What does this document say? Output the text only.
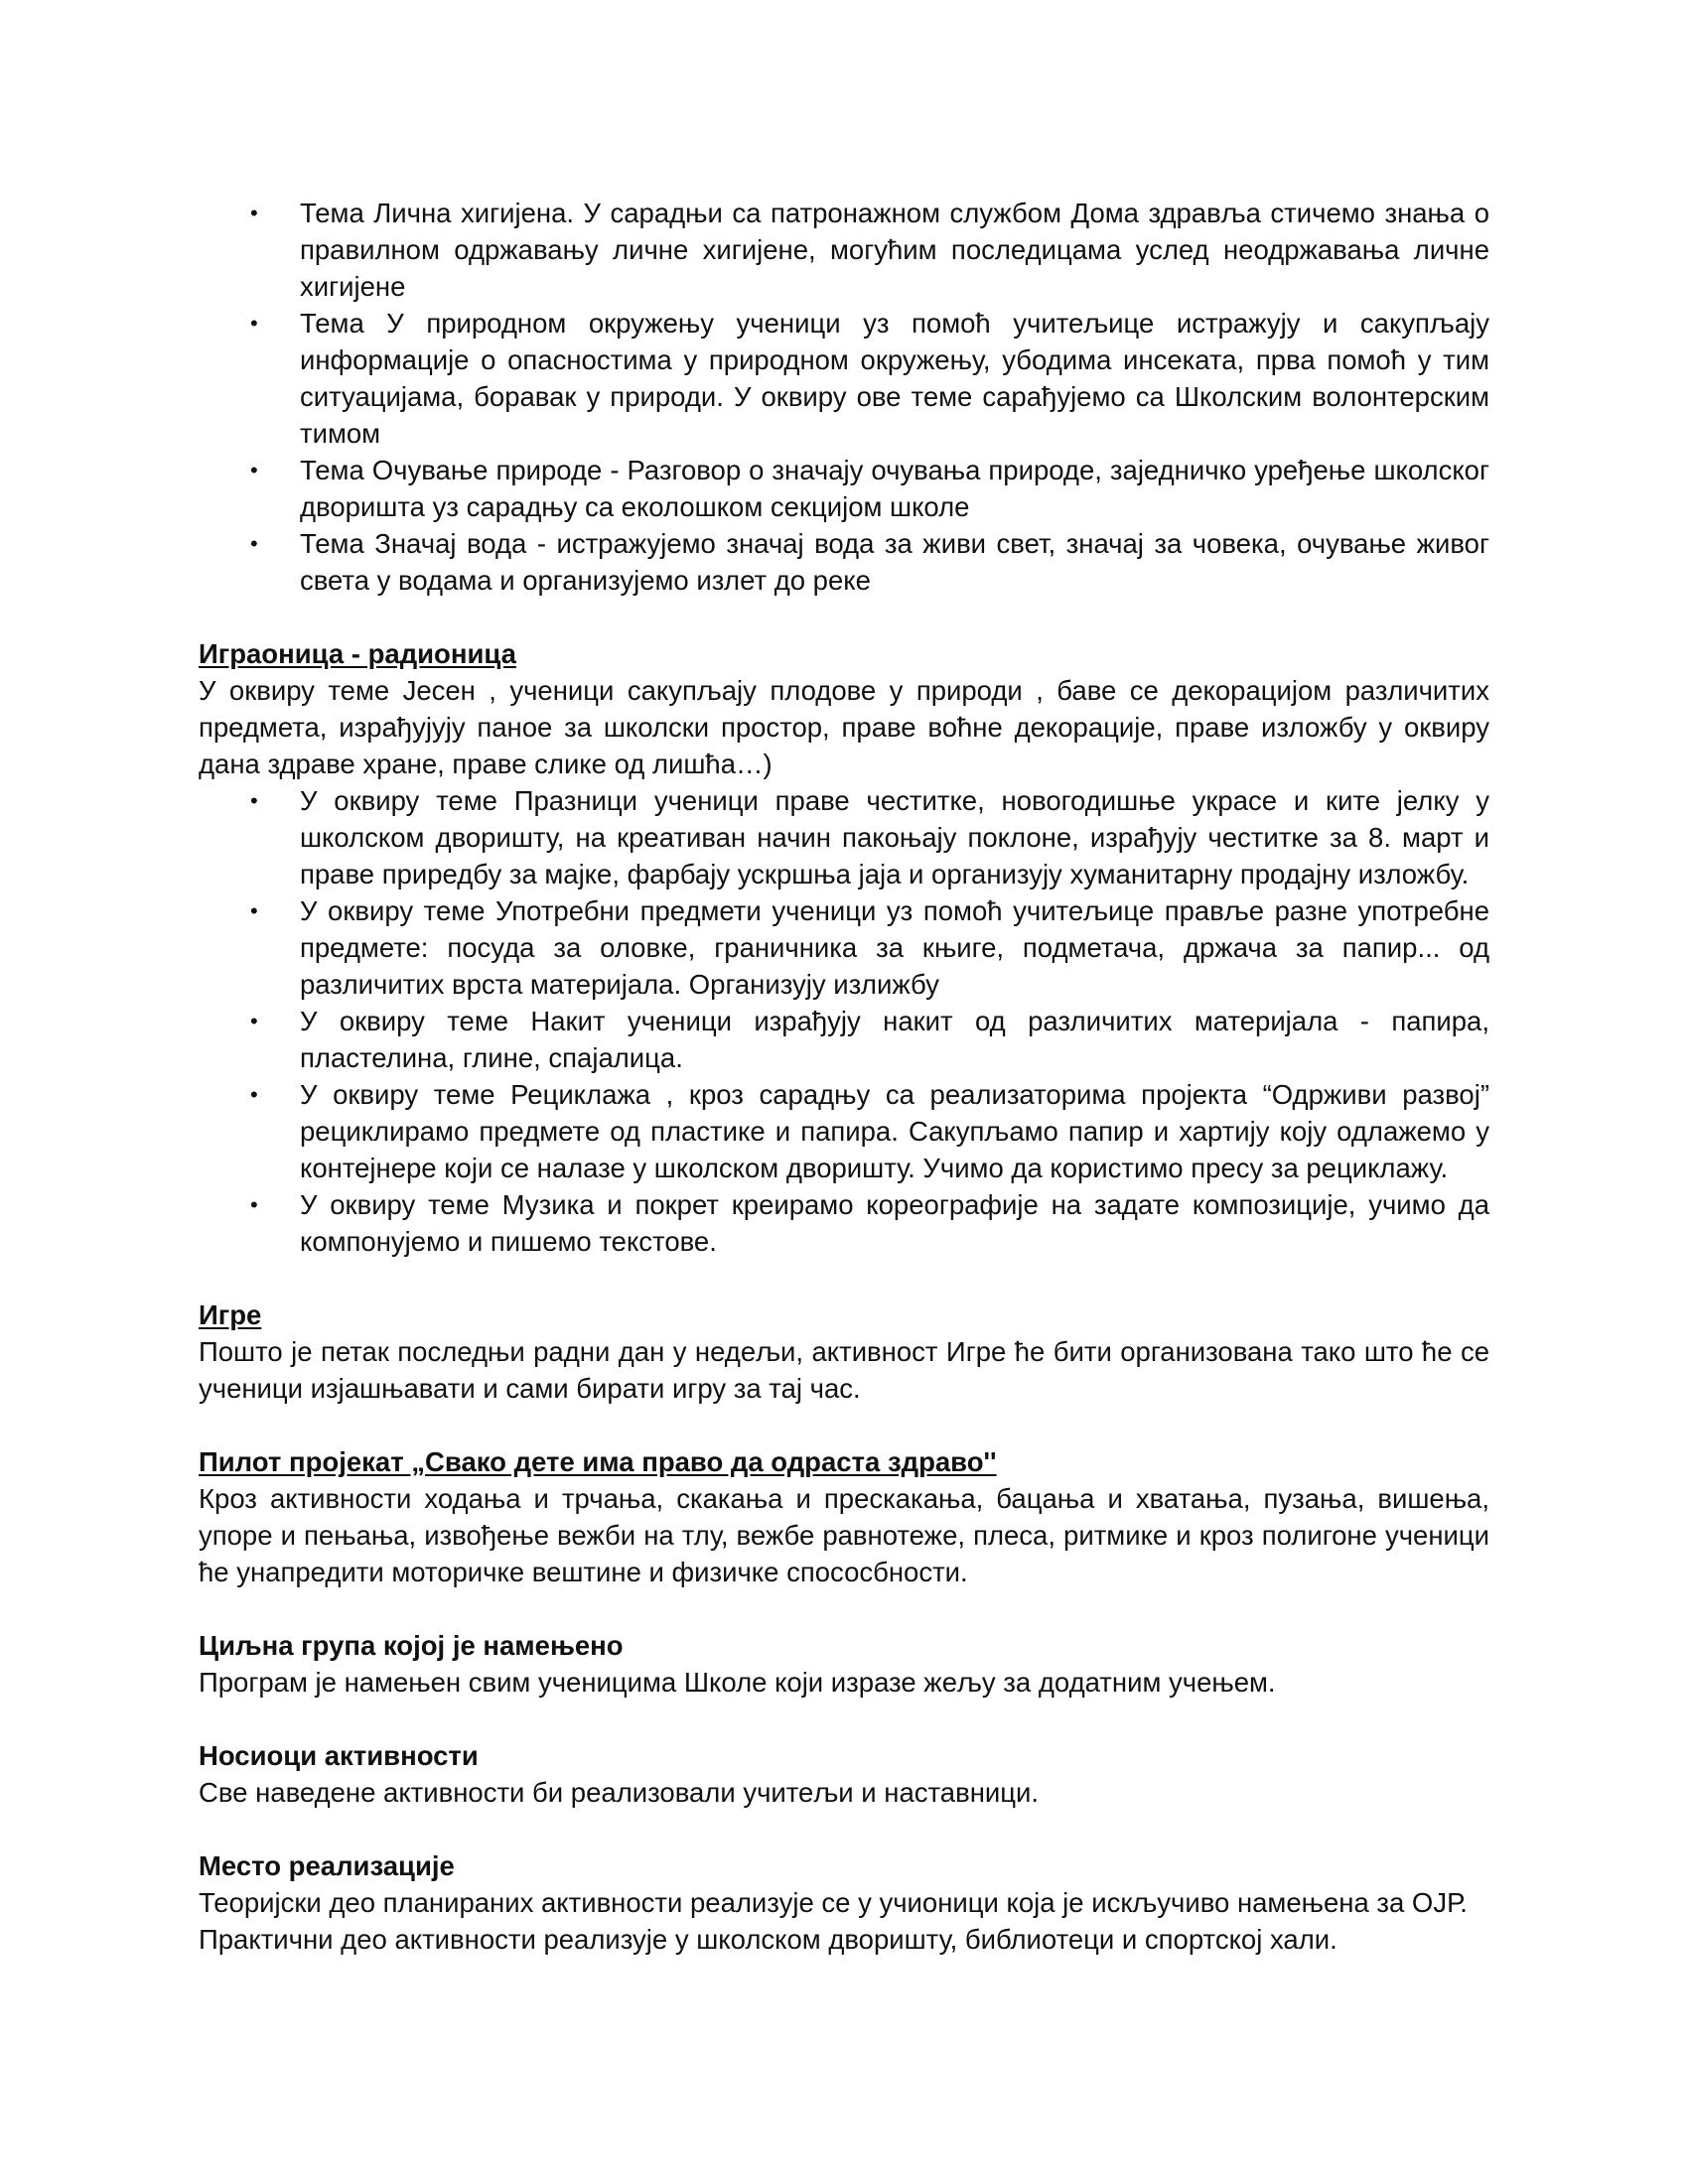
•	Тема Лична хигијена. У сарадњи са патронажном службом Дома здравља стичемо знања о правилном одржавању личне хигијене, могућим последицама услед неодржавања личне хигијене
•	Тема У природном окружењу ученици уз помоћ учитељице истражују и сакупљају информације о опасностима у природном окружењу, убодима инсеката, прва помоћ у тим ситуацијама, боравак у природи. У оквиру ове теме сарађујемо са Школским волонтерским тимом
•	Тема Очување природе - Разговор о значају очувања природе, заједничко уређење школског дворишта уз сарадњу са еколошком секцијом школе
•	Тема Значај вода - истражујемо значај вода за живи свет, значај за човека, очување живог света у водама и организујемо излет до реке
Играоница - радионица

У оквиру теме Јесен , ученици сакупљају плодове у природи , баве се декорацијом различитих предмета, израђујују паное за школски простор, праве воћне декорације, праве изложбу у оквиру дана здраве хране, праве слике од лишћа…)

•	У оквиру теме Празници ученици праве честитке, новогодишње украсе и ките јелку у школском дворишту, на креативан начин пакоњају поклоне, израђују честитке за 8. март и праве приредбу за мајке, фарбају ускршња јаја и организују хуманитарну продајну изложбу.
•	У оквиру теме Употребни предмети ученици уз помоћ учитељице прављe разне употребне предмете: посуда за оловке, граничника за књиге, подметача, држача за папир... од различитих врста материјала. Организују излижбу
•	У оквиру теме Накит ученици израђују накит од различитих материјала - папира, пластелина, глине, спајалица.
•	У оквиру теме Рециклажа , кроз сарадњу са реализаторима пројекта “Одрживи развој” рециклирамо предмете од пластике и папира. Сакупљамо папир и хартију коју одлажемо у контејнере који се налазе у школском дворишту. Учимо да користимо пресу за рециклажу.
•	У оквиру теме Музика и покрет креирамо кореографије на задате композиције, учимо да компонујемо и пишемо текстове.
Игре

Пошто је петак последњи радни дан у недељи, активност Игре ће бити организована тако што ће се ученици изјашњавати и сами бирати игру за тај час.

Пилот пројекат „Свако дете има право да одраста здраво''

Кроз активности ходања и трчања, скакања и прескакања, бацања и хватања, пузања, вишења, упоре и пењања, извођење вежби на тлу, вежбе равнотеже, плеса, ритмике и кроз полигоне ученици ће унапредити моторичке вештине и физичке спососбности.

Циљна група којој је намењено

Програм је намењен свим ученицима Школе који изразе жељу за додатним учењем.

Носиоци активности

Све наведене активности би реализовали учитељи и наставници.

Место реализације

Теоријски део планираних активности реализује се у учионици која је искључиво намењена за ОЈР.

Практични део активности реализује у школском дворишту, библиотеци и спортској хали.
